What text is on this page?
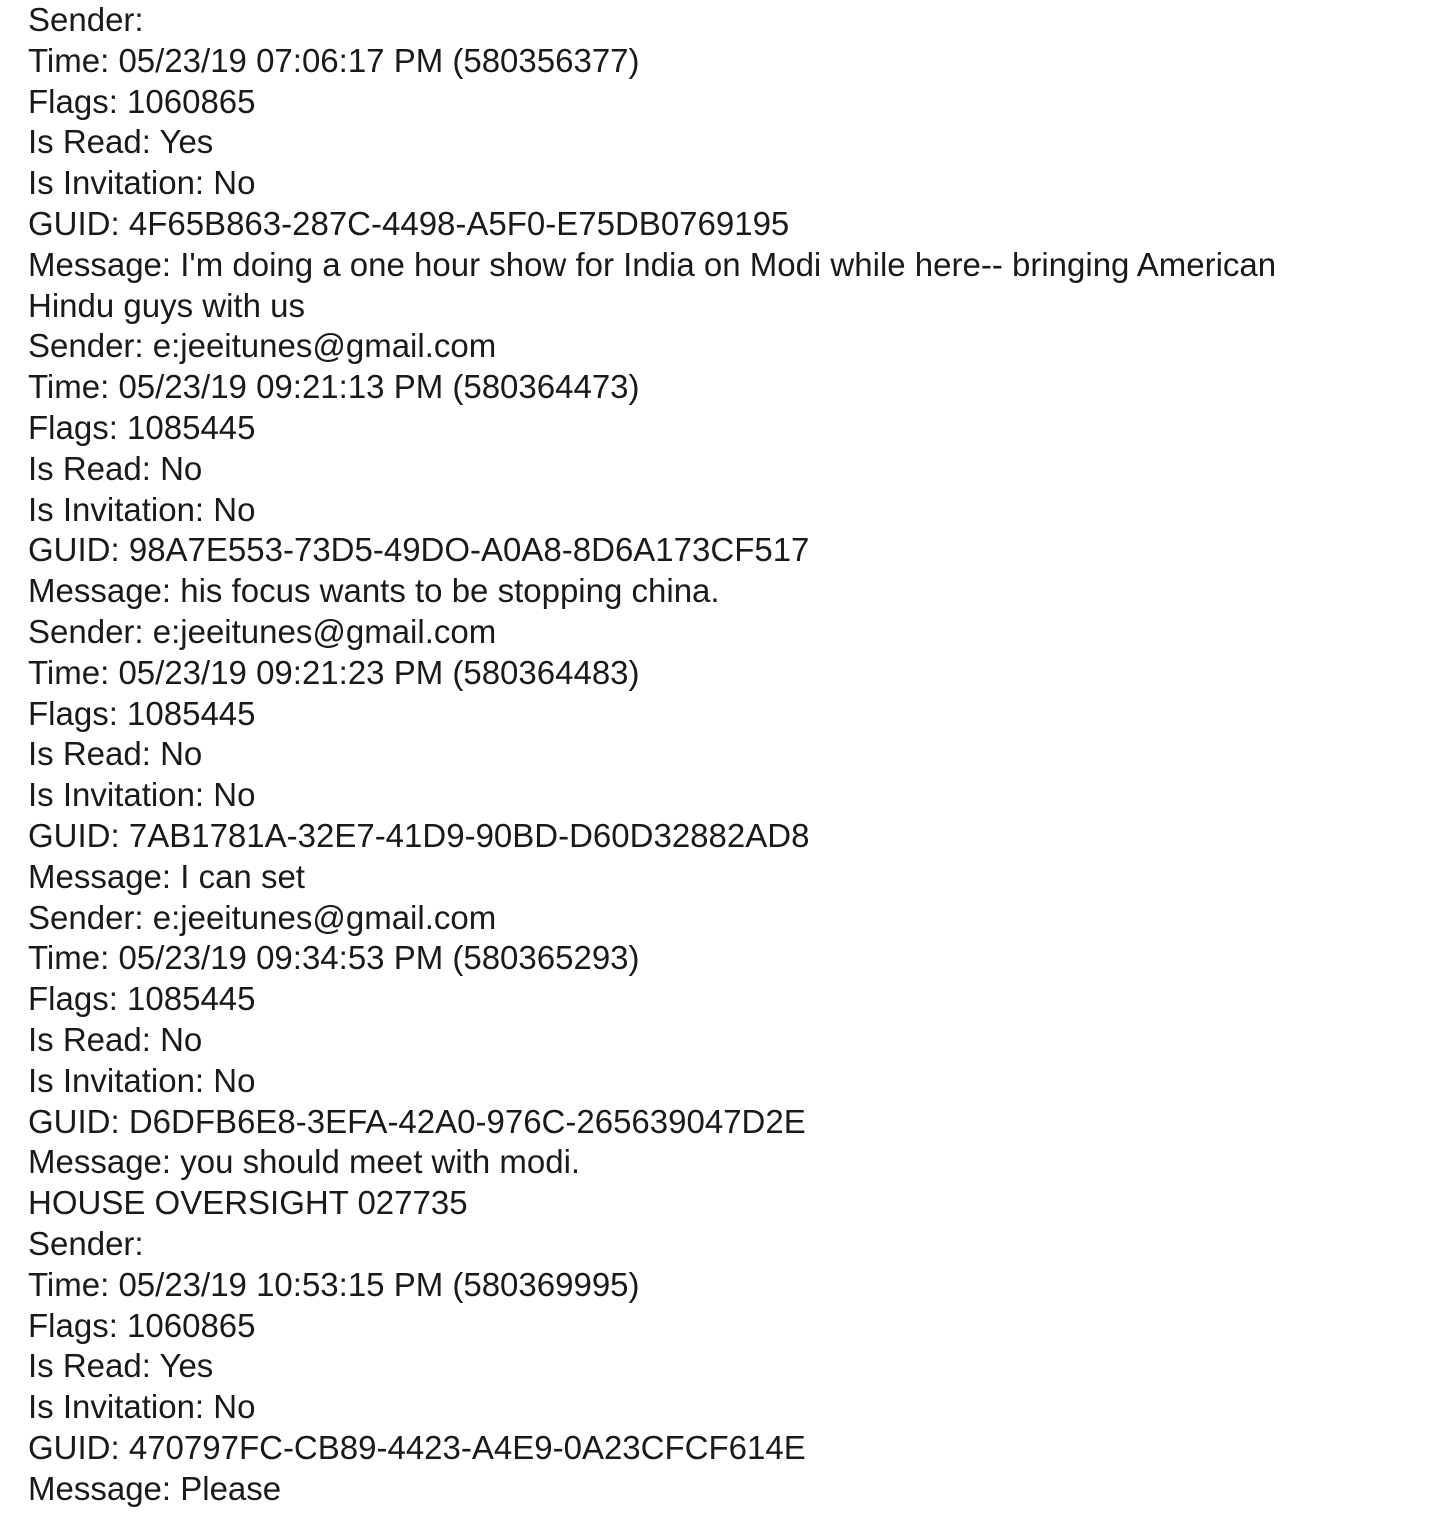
Sender:
Time: 05/23/19 07:06:17 PM (580356377)
Flags: 1060865
Is Read: Yes
Is Invitation: No
GUID: 4F65B863-287C-4498-A5F0-E75DB0769195
Message: I'm doing a one hour show for India on Modi while here-- bringing American
Hindu guys with us
Sender: e:jeeitunes@gmail.com
Time: 05/23/19 09:21:13 PM (580364473)
Flags: 1085445
Is Read: No
Is Invitation: No
GUID: 98A7E553-73D5-49DO-A0A8-8D6A173CF517
Message: his focus wants to be stopping china.
Sender: e:jeeitunes@gmail.com
Time: 05/23/19 09:21:23 PM (580364483)
Flags: 1085445
Is Read: No
Is Invitation: No
GUID: 7AB1781A-32E7-41D9-90BD-D60D32882AD8
Message: I can set
Sender: e:jeeitunes@gmail.com
Time: 05/23/19 09:34:53 PM (580365293)
Flags: 1085445
Is Read: No
Is Invitation: No
GUID: D6DFB6E8-3EFA-42A0-976C-265639047D2E
Message: you should meet with modi.
HOUSE OVERSIGHT 027735
Sender:
Time: 05/23/19 10:53:15 PM (580369995)
Flags: 1060865
Is Read: Yes
Is Invitation: No
GUID: 470797FC-CB89-4423-A4E9-0A23CFCF614E
Message: Please
